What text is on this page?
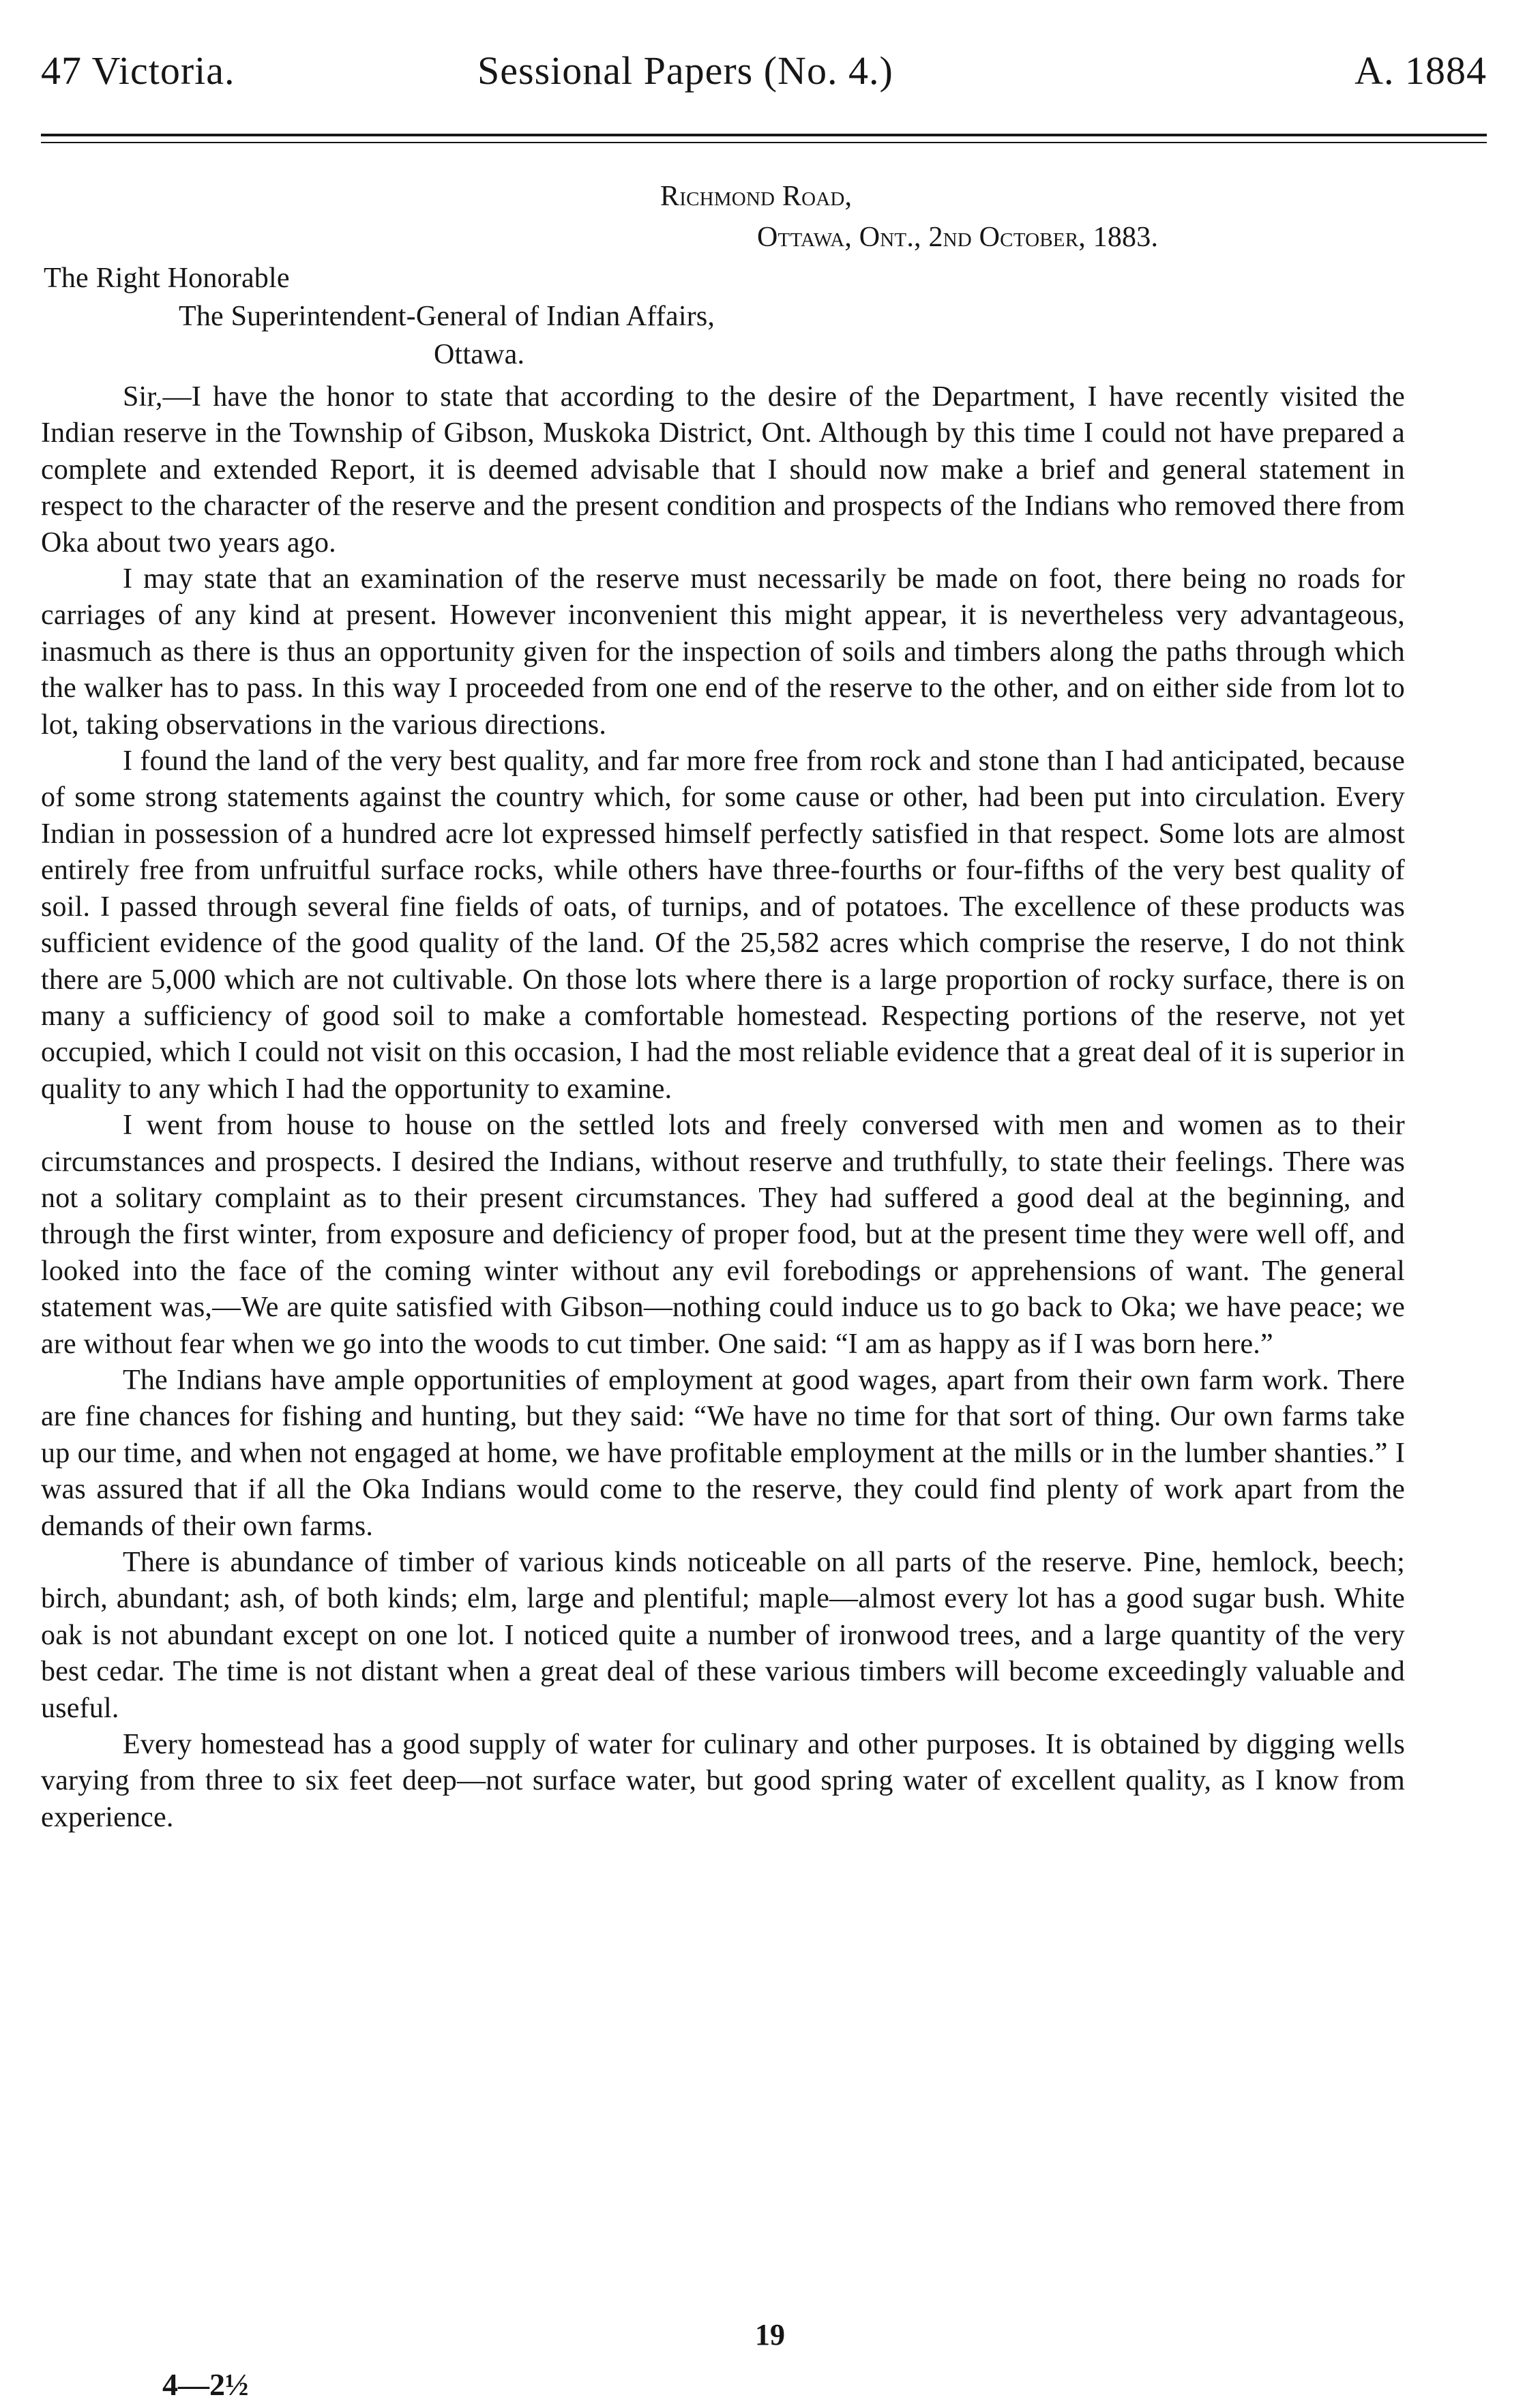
47 Victoria.	Sessional Papers (No. 4.)	A. 1884
Richmond Road,
Ottawa, Ont., 2nd October, 1883.
The Right Honorable
The Superintendent-General of Indian Affairs,
Ottawa.

Sir,—I have the honor to state that according to the desire of the Department, I have recently visited the Indian reserve in the Township of Gibson, Muskoka District, Ont. Although by this time I could not have prepared a complete and extended Report, it is deemed advisable that I should now make a brief and general statement in respect to the character of the reserve and the present condition and prospects of the Indians who removed there from Oka about two years ago.

I may state that an examination of the reserve must necessarily be made on foot, there being no roads for carriages of any kind at present. However inconvenient this might appear, it is nevertheless very advantageous, inasmuch as there is thus an opportunity given for the inspection of soils and timbers along the paths through which the walker has to pass. In this way I proceeded from one end of the reserve to the other, and on either side from lot to lot, taking observations in the various directions.

I found the land of the very best quality, and far more free from rock and stone than I had anticipated, because of some strong statements against the country which, for some cause or other, had been put into circulation. Every Indian in possession of a hundred acre lot expressed himself perfectly satisfied in that respect. Some lots are almost entirely free from unfruitful surface rocks, while others have three-fourths or four-fifths of the very best quality of soil. I passed through several fine fields of oats, of turnips, and of potatoes. The excellence of these products was sufficient evidence of the good quality of the land. Of the 25,582 acres which comprise the reserve, I do not think there are 5,000 which are not cultivable. On those lots where there is a large proportion of rocky surface, there is on many a sufficiency of good soil to make a comfortable homestead. Respecting portions of the reserve, not yet occupied, which I could not visit on this occasion, I had the most reliable evidence that a great deal of it is superior in quality to any which I had the opportunity to examine.

I went from house to house on the settled lots and freely conversed with men and women as to their circumstances and prospects. I desired the Indians, without reserve and truthfully, to state their feelings. There was not a solitary complaint as to their present circumstances. They had suffered a good deal at the beginning, and through the first winter, from exposure and deficiency of proper food, but at the present time they were well off, and looked into the face of the coming winter without any evil forebodings or apprehensions of want. The general statement was,—We are quite satisfied with Gibson—nothing could induce us to go back to Oka; we have peace; we are without fear when we go into the woods to cut timber. One said: “I am as happy as if I was born here.”

The Indians have ample opportunities of employment at good wages, apart from their own farm work. There are fine chances for fishing and hunting, but they said: “We have no time for that sort of thing. Our own farms take up our time, and when not engaged at home, we have profitable employment at the mills or in the lumber shanties.” I was assured that if all the Oka Indians would come to the reserve, they could find plenty of work apart from the demands of their own farms.

There is abundance of timber of various kinds noticeable on all parts of the reserve. Pine, hemlock, beech; birch, abundant; ash, of both kinds; elm, large and plentiful; maple—almost every lot has a good sugar bush. White oak is not abundant except on one lot. I noticed quite a number of ironwood trees, and a large quantity of the very best cedar. The time is not distant when a great deal of these various timbers will become exceedingly valuable and useful.

Every homestead has a good supply of water for culinary and other purposes. It is obtained by digging wells varying from three to six feet deep—not surface water, but good spring water of excellent quality, as I know from experience.

19
4—2½
